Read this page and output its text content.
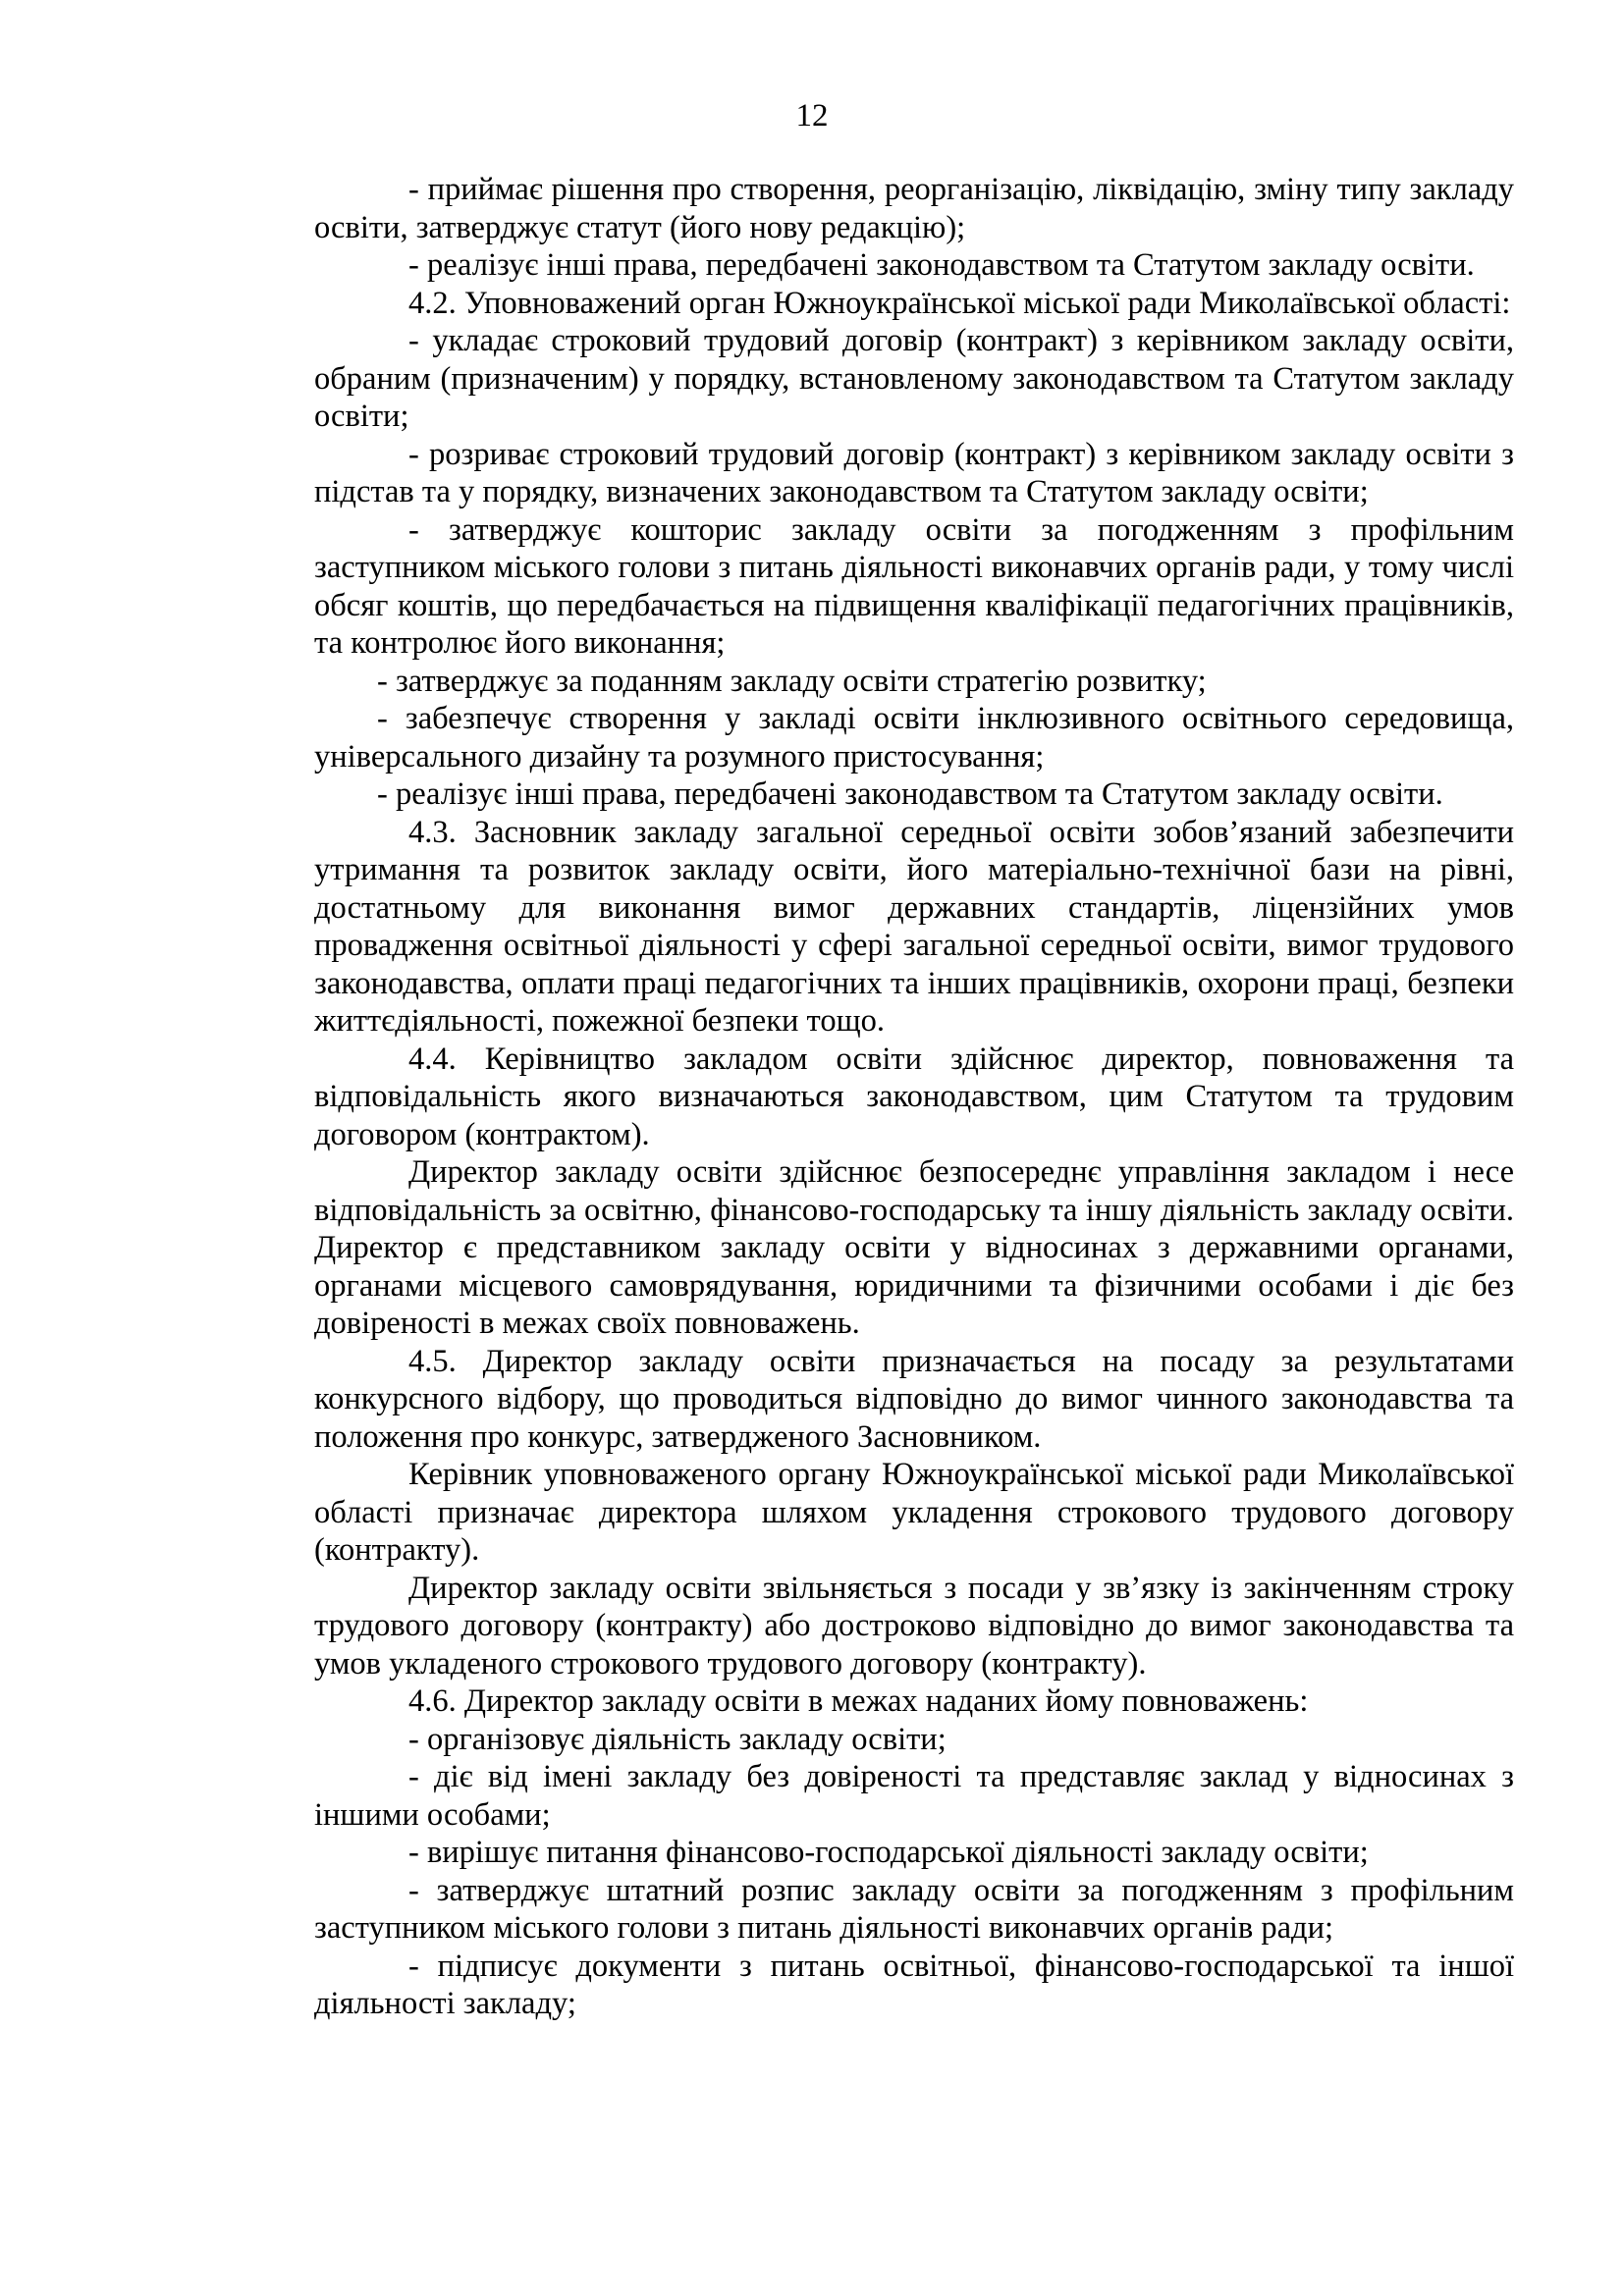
12

- приймає рішення про створення, реорганізацію, ліквідацію, зміну типу закладу освіти, затверджує статут (його нову редакцію);

- реалізує інші права, передбачені законодавством та Статутом закладу освіти.

4.2. Уповноважений орган Южноукраїнської міської ради Миколаївської області:

- укладає строковий трудовий договір (контракт) з керівником закладу освіти, обраним (призначеним) у порядку, встановленому законодавством та Статутом закладу освіти;

- розриває строковий трудовий договір (контракт) з керівником закладу освіти з підстав та у порядку, визначених законодавством та Статутом закладу освіти;

- затверджує кошторис закладу освіти за погодженням з профільним заступником міського голови з питань діяльності виконавчих органів ради, у тому числі обсяг коштів, що передбачається на підвищення кваліфікації педагогічних працівників, та контролює його виконання;

- затверджує за поданням закладу освіти стратегію розвитку;

- забезпечує створення у закладі освіти інклюзивного освітнього середовища, універсального дизайну та розумного пристосування;

- реалізує інші права, передбачені законодавством та Статутом закладу освіти.

4.3. Засновник закладу загальної середньої освіти зобов’язаний забезпечити утримання та розвиток закладу освіти, його матеріально-технічної бази на рівні, достатньому для виконання вимог державних стандартів, ліцензійних умов провадження освітньої діяльності у сфері загальної середньої освіти, вимог трудового законодавства, оплати праці педагогічних та інших працівників, охорони праці, безпеки життєдіяльності, пожежної безпеки тощо.

4.4. Керівництво закладом освіти здійснює директор, повноваження та відповідальність якого визначаються законодавством, цим Статутом та трудовим договором (контрактом).

Директор закладу освіти здійснює безпосереднє управління закладом і несе відповідальність за освітню, фінансово-господарську та іншу діяльність закладу освіти. Директор є представником закладу освіти у відносинах з державними органами, органами місцевого самоврядування, юридичними та фізичними особами і діє без довіреності в межах своїх повноважень.

4.5. Директор закладу освіти призначається на посаду за результатами конкурсного відбору, що проводиться відповідно до вимог чинного законодавства та положення про конкурс, затвердженого Засновником.

Керівник уповноваженого органу Южноукраїнської міської ради Миколаївської області призначає директора шляхом укладення строкового трудового договору (контракту).

Директор закладу освіти звільняється з посади у зв’язку із закінченням строку трудового договору (контракту) або достроково відповідно до вимог законодавства та умов укладеного строкового трудового договору (контракту).

4.6. Директор закладу освіти в межах наданих йому повноважень:

- організовує діяльність закладу освіти;

- діє від імені закладу без довіреності та представляє заклад у відносинах з іншими особами;

- вирішує питання фінансово-господарської діяльності закладу освіти;

- затверджує штатний розпис закладу освіти за погодженням з профільним заступником міського голови з питань діяльності виконавчих органів ради;

- підписує документи з питань освітньої, фінансово-господарської та іншої діяльності закладу;
